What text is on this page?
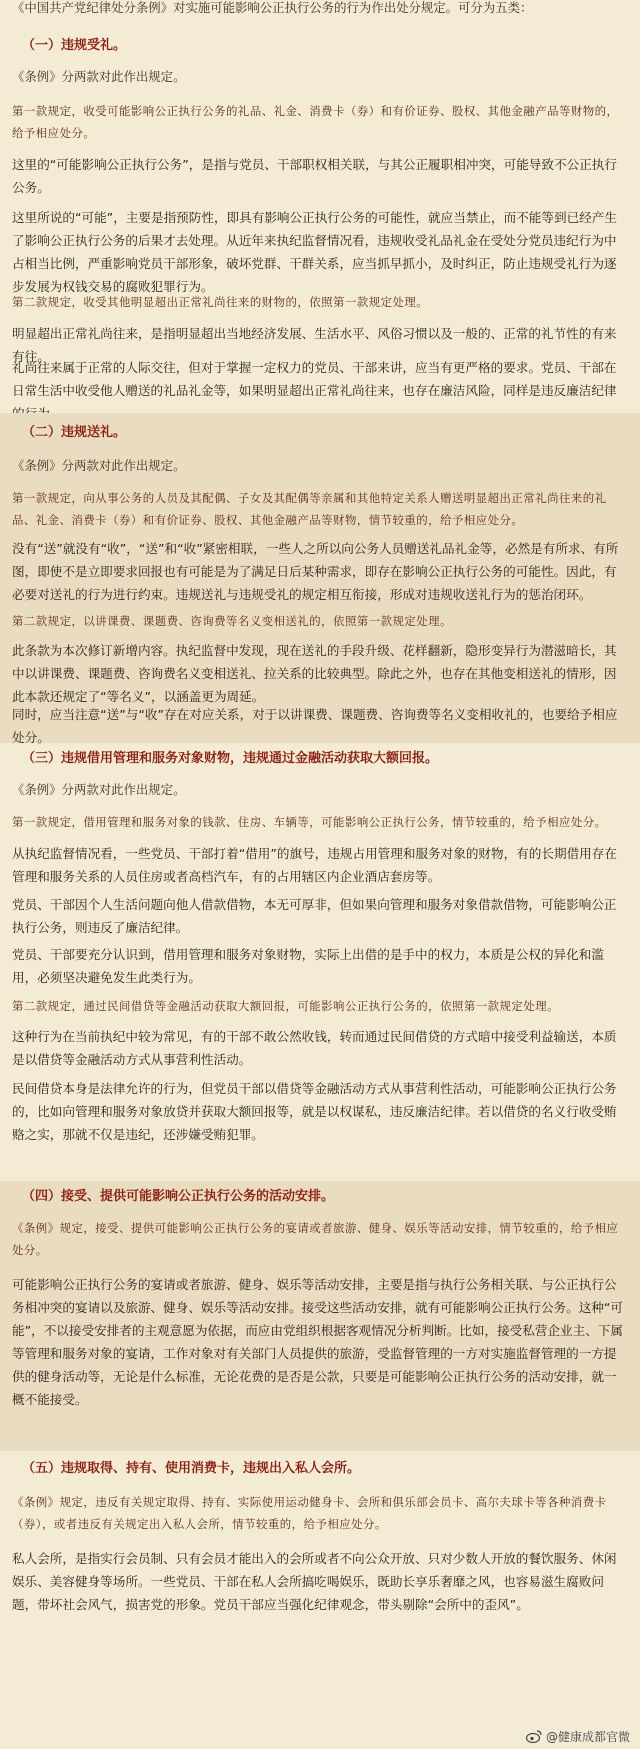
《中国共产党纪律处分条例》对实施可能影响公正执行公务的行为作出处分规定。可分为五类：
（一）违规受礼。
《条例》分两款对此作出规定。
第一款规定，收受可能影响公正执行公务的礼品、礼金、消费卡（券）和有价证券、股权、其他金融产品等财物的，给予相应处分。
这里的“可能影响公正执行公务”，是指与党员、干部职权相关联，与其公正履职相冲突，可能导致不公正执行公务。
这里所说的“可能”，主要是指预防性，即具有影响公正执行公务的可能性，就应当禁止，而不能等到已经产生了影响公正执行公务的后果才去处理。从近年来执纪监督情况看，违规收受礼品礼金在受处分党员违纪行为中占相当比例，严重影响党员干部形象，破坏党群、干群关系，应当抓早抓小，及时纠正，防止违规受礼行为逐步发展为权钱交易的腐败犯罪行为。
第二款规定，收受其他明显超出正常礼尚往来的财物的，依照第一款规定处理。
明显超出正常礼尚往来，是指明显超出当地经济发展、生活水平、风俗习惯以及一般的、正常的礼节性的有来有往。
礼尚往来属于正常的人际交往，但对于掌握一定权力的党员、干部来讲，应当有更严格的要求。党员、干部在日常生活中收受他人赠送的礼品礼金等，如果明显超出正常礼尚往来，也存在廉洁风险，同样是违反廉洁纪律
（二）违规送礼。
《条例》分两款对此作出规定。
第一款规定，向从事公务的人员及其配偶、子女及其配偶等亲属和其他特定关系人赠送明显超出正常礼尚往来的礼品、礼金、消费卡（券）和有价证券、股权、其他金融产品等财物，情节较重的，给予相应处分。
没有“送”就没有“收”，“送”和“收”紧密相联，一些人之所以向公务人员赠送礼品礼金等，必然是有所求、有所图，即使不是立即要求回报也有可能是为了满足日后某种需求，即存在影响公正执行公务的可能性。因此，有必要对送礼的行为进行约束。违规送礼与违规受礼的规定相互衔接，形成对违规收送礼行为的惩治闭环。
第二款规定，以讲课费、课题费、咨询费等名义变相送礼的，依照第一款规定处理。
此条款为本次修订新增内容。执纪监督中发现，现在送礼的手段升级、花样翻新，隐形变异行为潜滋暗长，其中以讲课费、课题费、咨询费名义变相送礼、拉关系的比较典型。除此之外，也存在其他变相送礼的情形，因此本款还规定了“等名义”，以涵盖更为周延。
同时，应当注意“送”与“收”存在对应关系，对于以讲课费、课题费、咨询费等名义变相收礼的，也要给予相应处分。
（三）违规借用管理和服务对象财物，违规通过金融活动获取大额回报。
《条例》分两款对此作出规定。
第一款规定，借用管理和服务对象的钱款、住房、车辆等，可能影响公正执行公务，情节较重的，给予相应处分。
从执纪监督情况看，一些党员、干部打着“借用”的旗号，违规占用管理和服务对象的财物，有的长期借用存在管理和服务关系的人员住房或者高档汽车，有的占用辖区内企业酒店套房等。
党员、干部因个人生活问题向他人借款借物，本无可厚非，但如果向管理和服务对象借款借物，可能影响公正执行公务，则违反了廉洁纪律。
党员、干部要充分认识到，借用管理和服务对象财物，实际上出借的是手中的权力，本质是公权的异化和滥用，必须坚决避免发生此类行为。
第二款规定，通过民间借贷等金融活动获取大额回报，可能影响公正执行公务的，依照第一款规定处理。
这种行为在当前执纪中较为常见，有的干部不敢公然收钱，转而通过民间借贷的方式暗中接受利益输送，本质是以借贷等金融活动方式从事营利性活动。
民间借贷本身是法律允许的行为，但党员干部以借贷等金融活动方式从事营利性活动，可能影响公正执行公务的，比如向管理和服务对象放贷并获取大额回报等，就是以权谋私，违反廉洁纪律。若以借贷的名义行收受贿赂之实，那就不仅是违纪，还涉嫌受贿犯罪。
（四）接受、提供可能影响公正执行公务的活动安排。
《条例》规定，接受、提供可能影响公正执行公务的宴请或者旅游、健身、娱乐等活动安排，情节较重的，给予相应处分。
可能影响公正执行公务的宴请或者旅游、健身、娱乐等活动安排，主要是指与执行公务相关联、与公正执行公务相冲突的宴请以及旅游、健身、娱乐等活动安排。接受这些活动安排，就有可能影响公正执行公务。这种“可能”，不以接受安排者的主观意愿为依据，而应由党组织根据客观情况分析判断。比如，接受私营企业主、下属等管理和服务对象的宴请，工作对象对有关部门人员提供的旅游，受监督管理的一方对实施监督管理的一方提供的健身活动等，无论是什么标准，无论花费的是否是公款，只要是可能影响公正执行公务的活动安排，就一概不能接受。
（五）违规取得、持有、使用消费卡，违规出入私人会所。
《条例》规定，违反有关规定取得、持有、实际使用运动健身卡、会所和俱乐部会员卡、高尔夫球卡等各种消费卡（券），或者违反有关规定出入私人会所，情节较重的，给予相应处分。
私人会所，是指实行会员制、只有会员才能出入的会所或者不向公众开放、只对少数人开放的餐饮服务、休闲娱乐、美容健身等场所。一些党员、干部在私人会所搞吃喝娱乐，既助长享乐奢靡之风，也容易滋生腐败问题，带坏社会风气，损害党的形象。党员干部应当强化纪律观念，带头剔除“会所中的歪风”。
@健康成都官微
